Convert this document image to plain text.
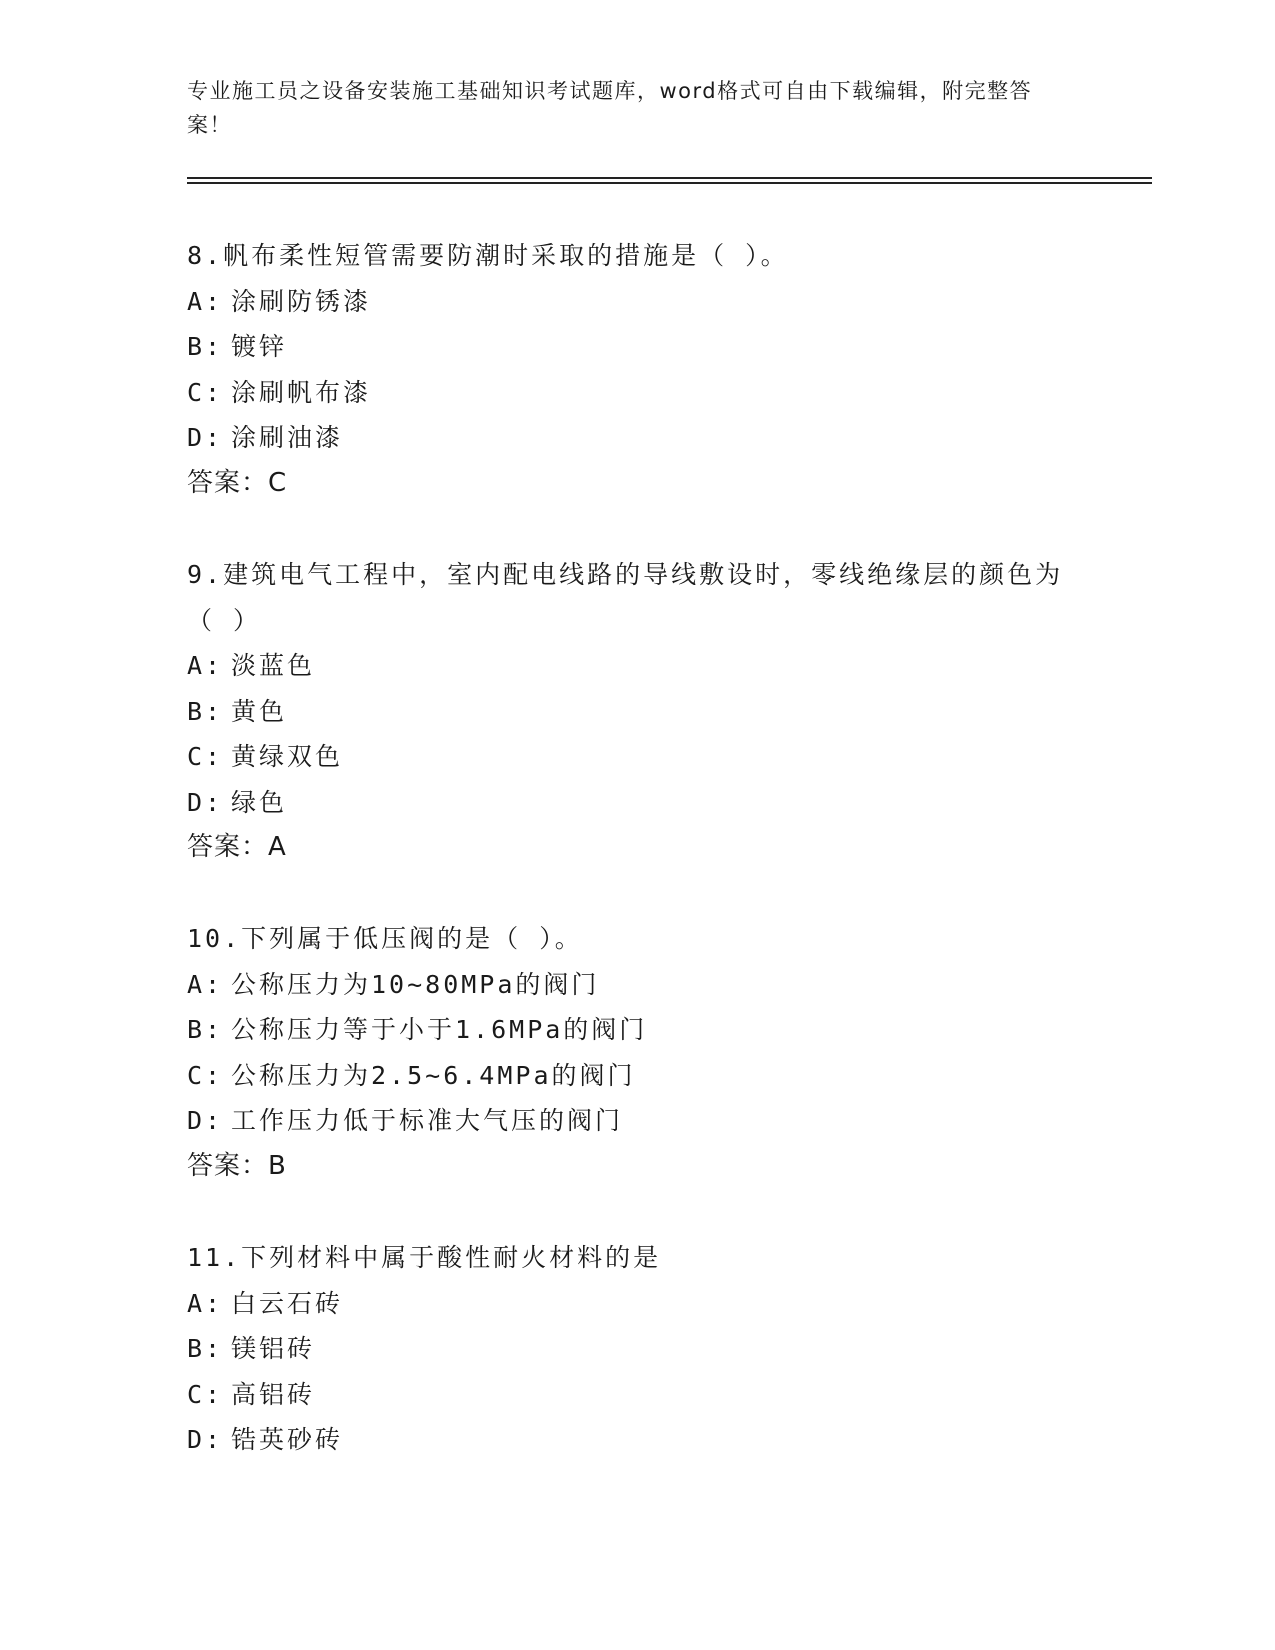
专业施工员之设备安装施工基础知识考试题库，word格式可自由下载编辑，附完整答案！
8.帆布柔性短管需要防潮时采取的措施是（ ）。
A: 涂刷防锈漆
B: 镀锌
C: 涂刷帆布漆
D: 涂刷油漆
答案：C
9.建筑电气工程中，室内配电线路的导线敷设时，零线绝缘层的颜色为（ ）
A: 淡蓝色
B: 黄色
C: 黄绿双色
D: 绿色
答案：A
10.下列属于低压阀的是（ ）。
A: 公称压力为10~80MPa的阀门
B: 公称压力等于小于1.6MPa的阀门
C: 公称压力为2.5~6.4MPa的阀门
D: 工作压力低于标准大气压的阀门
答案：B
11.下列材料中属于酸性耐火材料的是
A: 白云石砖
B: 镁铝砖
C: 高铝砖
D: 锆英砂砖
